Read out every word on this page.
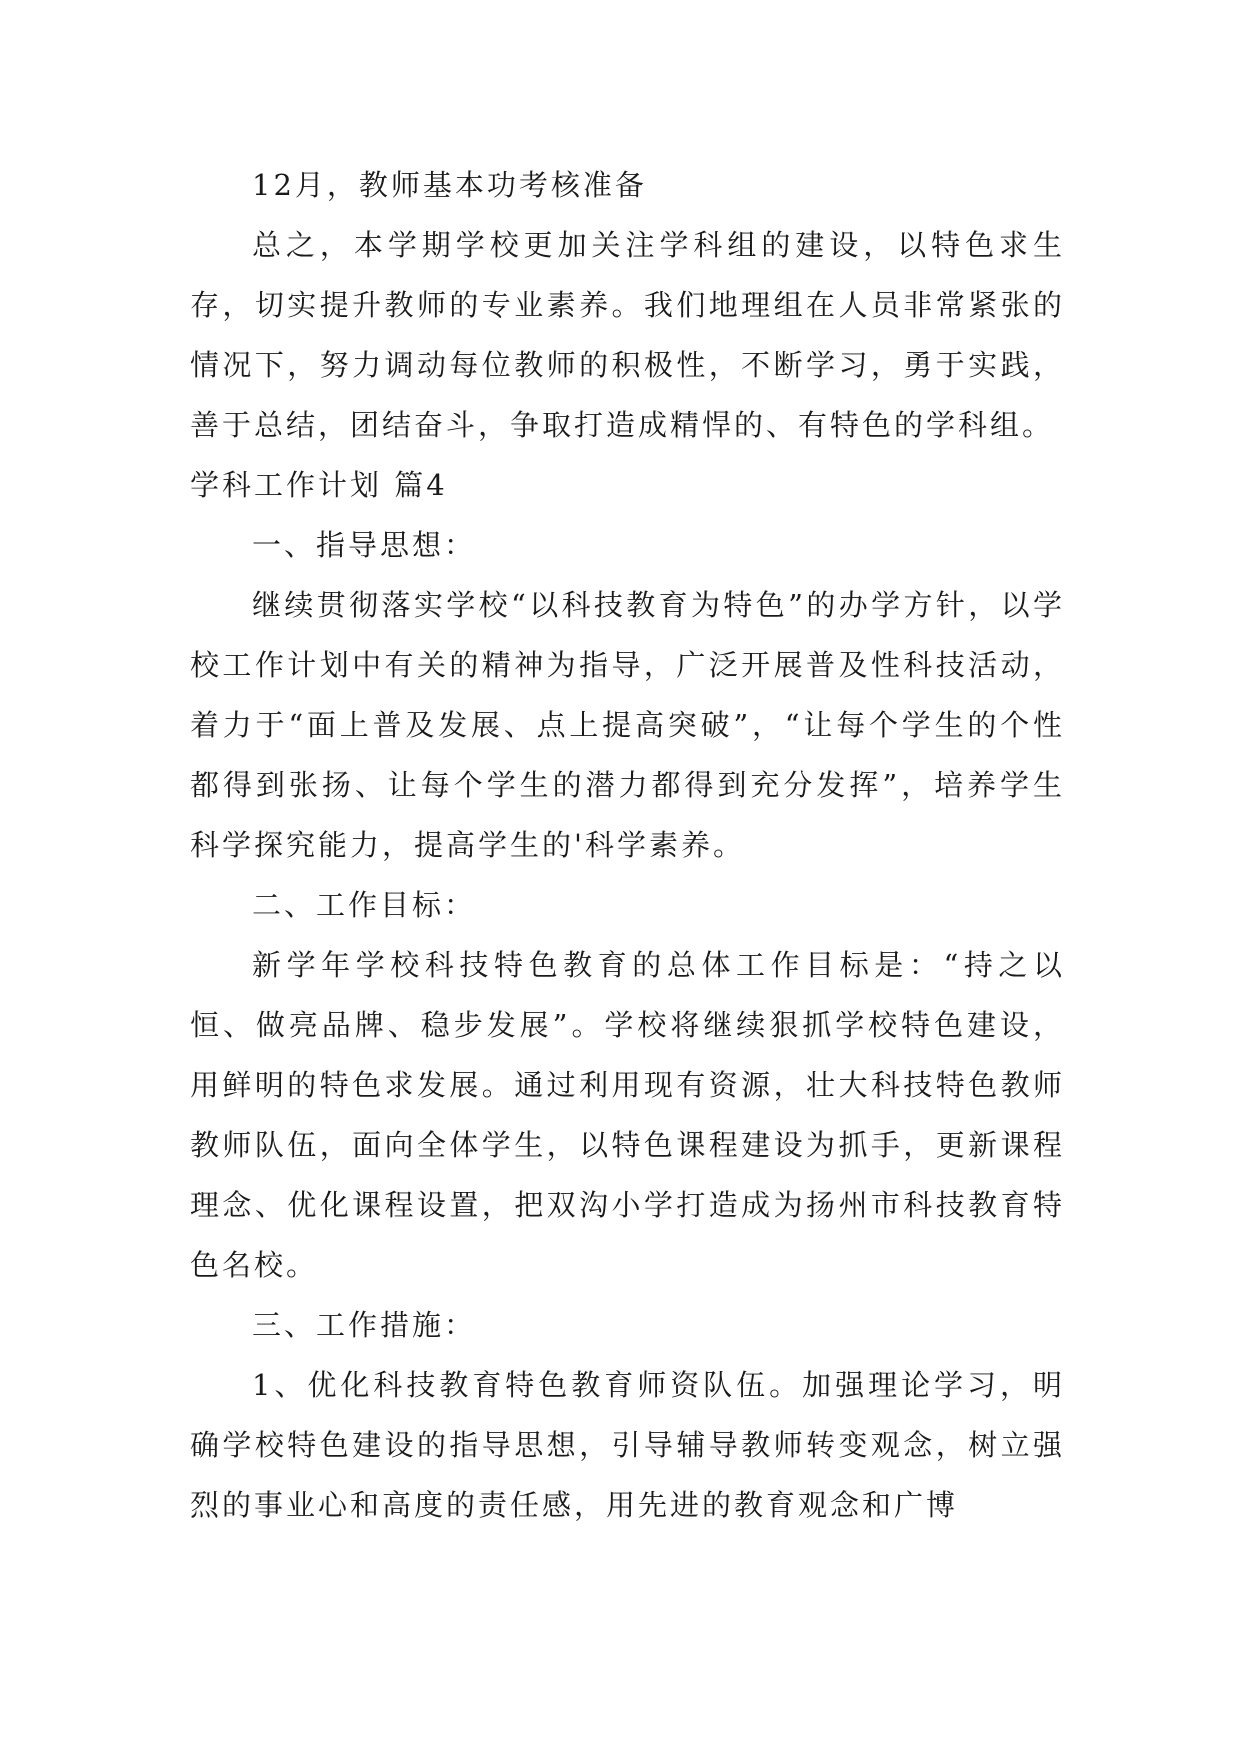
12月，教师基本功考核准备

总之，本学期学校更加关注学科组的建设，以特色求生存，切实提升教师的专业素养。我们地理组在人员非常紧张的情况下，努力调动每位教师的积极性，不断学习，勇于实践，善于总结，团结奋斗，争取打造成精悍的、有特色的学科组。

学科工作计划 篇4

一、指导思想：

继续贯彻落实学校“以科技教育为特色”的办学方针，以学校工作计划中有关的精神为指导，广泛开展普及性科技活动，着力于“面上普及发展、点上提高突破”，“让每个学生的个性都得到张扬、让每个学生的潜力都得到充分发挥”，培养学生科学探究能力，提高学生的'科学素养。

二、工作目标：

新学年学校科技特色教育的总体工作目标是：“持之以恒、做亮品牌、稳步发展”。学校将继续狠抓学校特色建设，用鲜明的特色求发展。通过利用现有资源，壮大科技特色教师教师队伍，面向全体学生，以特色课程建设为抓手，更新课程理念、优化课程设置，把双沟小学打造成为扬州市科技教育特色名校。

三、工作措施：

1、优化科技教育特色教育师资队伍。加强理论学习，明确学校特色建设的指导思想，引导辅导教师转变观念，树立强烈的事业心和高度的责任感，用先进的教育观念和广博
